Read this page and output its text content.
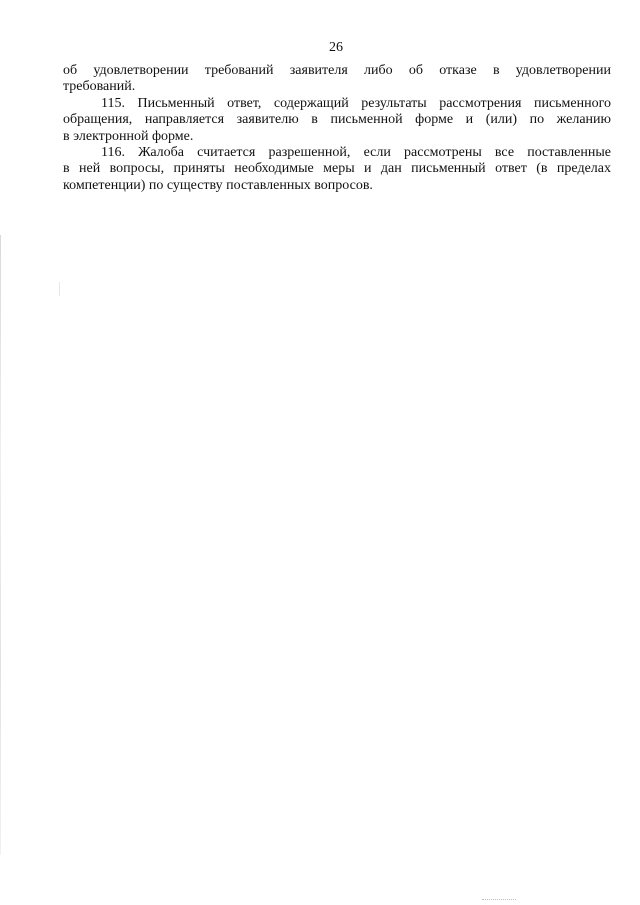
26

об удовлетворении требований заявителя либо об отказе в удовлетворении
требований.

115. Письменный ответ, содержащий результаты рассмотрения письменного
обращения, направляется заявителю в письменной форме и (или) по желанию
в электронной форме.

116. Жалоба считается разрешенной, если рассмотрены все поставленные
в ней вопросы, приняты необходимые меры и дан письменный ответ (в пределах
компетенции) по существу поставленных вопросов.
